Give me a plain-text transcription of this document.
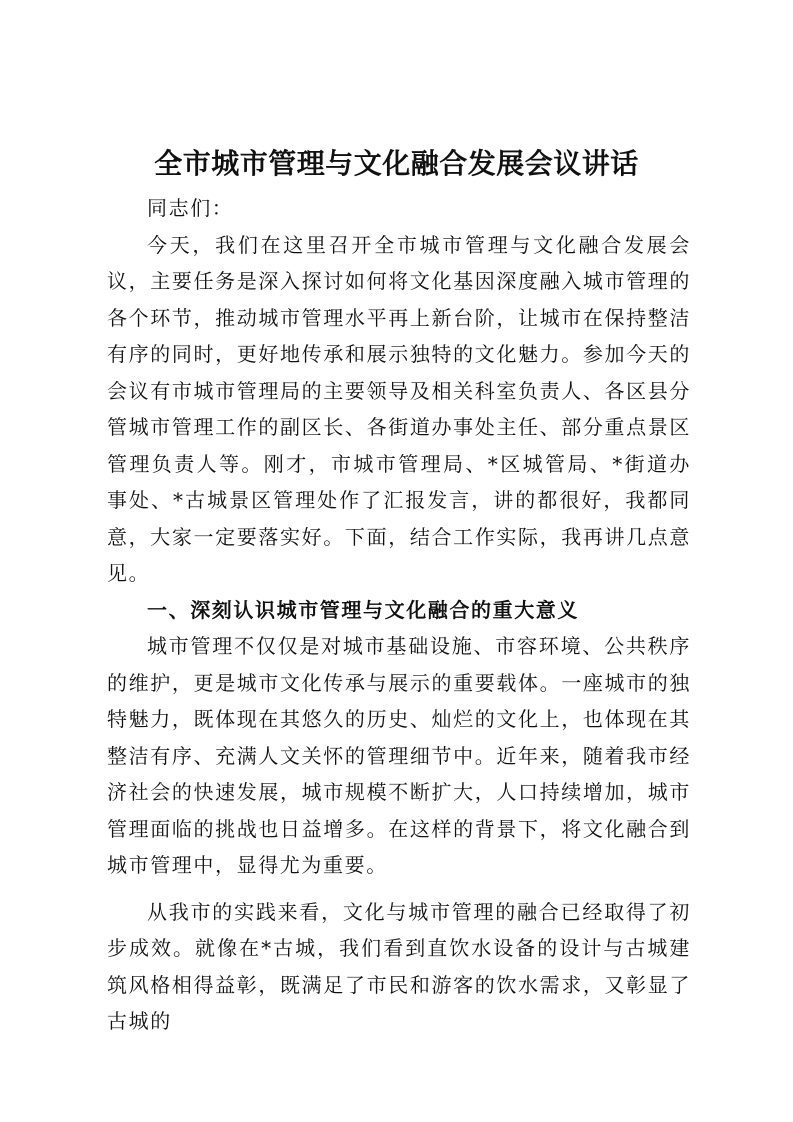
全市城市管理与文化融合发展会议讲话

同志们：

今天，我们在这里召开全市城市管理与文化融合发展会议，主要任务是深入探讨如何将文化基因深度融入城市管理的各个环节，推动城市管理水平再上新台阶，让城市在保持整洁有序的同时，更好地传承和展示独特的文化魅力。参加今天的会议有市城市管理局的主要领导及相关科室负责人、各区县分管城市管理工作的副区长、各街道办事处主任、部分重点景区管理负责人等。刚才，市城市管理局、*区城管局、*街道办事处、*古城景区管理处作了汇报发言，讲的都很好，我都同意，大家一定要落实好。下面，结合工作实际，我再讲几点意见。

一、深刻认识城市管理与文化融合的重大意义

城市管理不仅仅是对城市基础设施、市容环境、公共秩序的维护，更是城市文化传承与展示的重要载体。一座城市的独特魅力，既体现在其悠久的历史、灿烂的文化上，也体现在其整洁有序、充满人文关怀的管理细节中。近年来，随着我市经济社会的快速发展，城市规模不断扩大，人口持续增加，城市管理面临的挑战也日益增多。在这样的背景下，将文化融合到城市管理中，显得尤为重要。

从我市的实践来看，文化与城市管理的融合已经取得了初步成效。就像在*古城，我们看到直饮水设备的设计与古城建筑风格相得益彰，既满足了市民和游客的饮水需求，又彰显了古城的
